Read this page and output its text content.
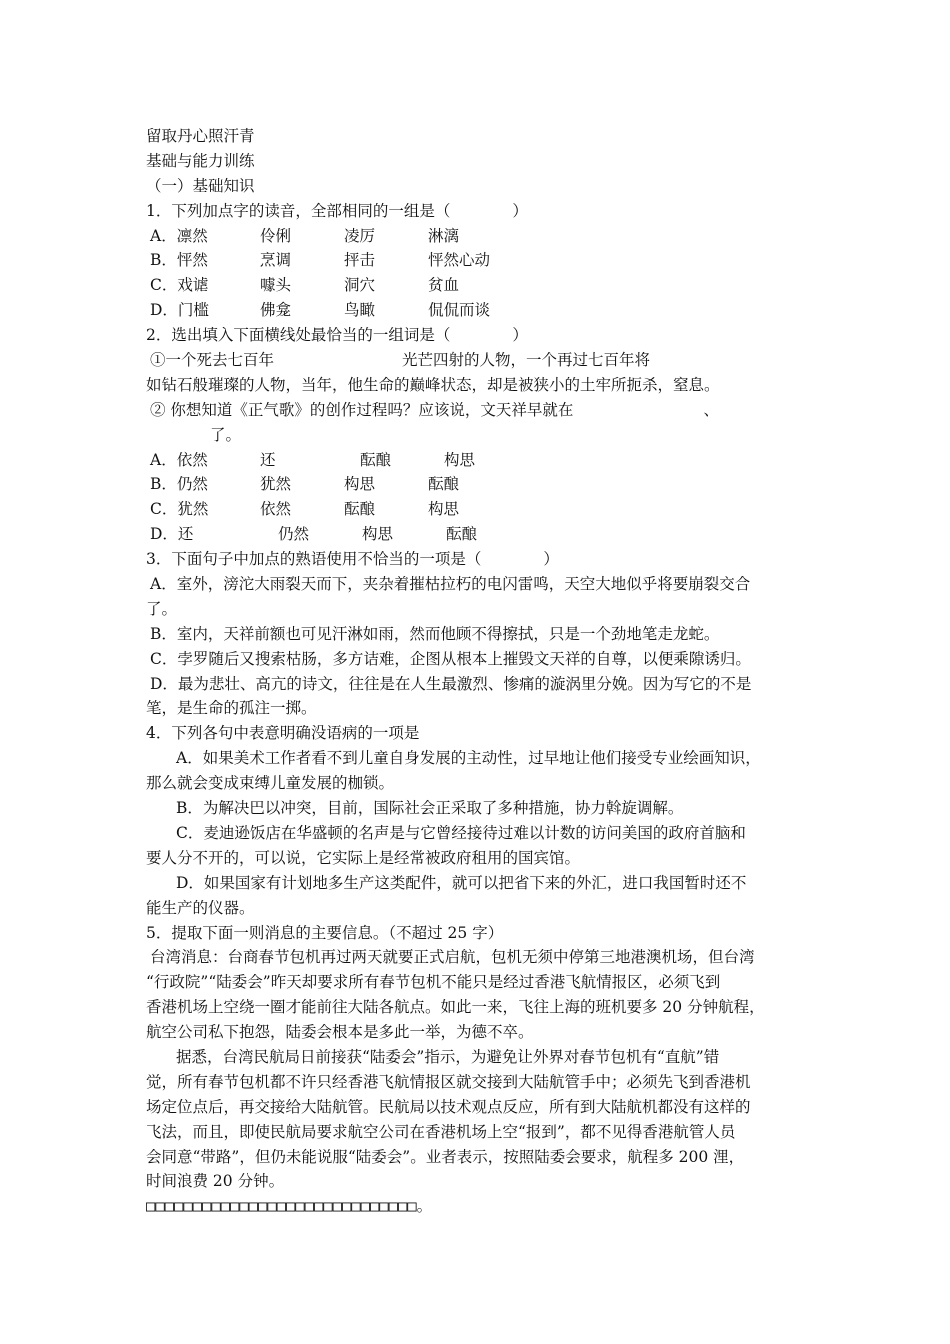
留取丹心照汗青
基础与能力训练
（一）基础知识
1．下列加点字的读音，全部相同的一组是（　　　　）
A．凛然	伶俐	凌厉	淋漓
B．怦然	烹调	抨击	怦然心动
C．戏谑	噱头	洞穴	贫血
D．门槛	佛龛	鸟瞰	侃侃而谈
2．选出填入下面横线处最恰当的一组词是（　　　　）
①一个死去七百年	光芒四射的人物，一个再过七百年将
如钻石般璀璨的人物，当年，他生命的巅峰状态，却是被狭小的土牢所扼杀，窒息。
② 你想知道《正气歌》的创作过程吗？应该说，文天祥早就在	、
了。
A．依然	还	酝酿	构思
B．仍然	犹然	构思	酝酿
C．犹然	依然	酝酿	构思
D．还	仍然	构思	酝酿
3．下面句子中加点的熟语使用不恰当的一项是（　　　　）
A．室外，滂沱大雨裂天而下，夹杂着摧枯拉朽的电闪雷鸣，天空大地似乎将要崩裂交合
了。
B．室内，天祥前额也可见汗淋如雨，然而他顾不得擦拭，只是一个劲地笔走龙蛇。
C．孛罗随后又搜索枯肠，多方诘难，企图从根本上摧毁文天祥的自尊，以便乘隙诱归。
D．最为悲壮、高亢的诗文，往往是在人生最激烈、惨痛的漩涡里分娩。因为写它的不是
笔，是生命的孤注一掷。
4．下列各句中表意明确没语病的一项是
A．如果美术工作者看不到儿童自身发展的主动性，过早地让他们接受专业绘画知识，
那么就会变成束缚儿童发展的枷锁。
B．为解决巴以冲突，目前，国际社会正采取了多种措施，协力斡旋调解。
C．麦迪逊饭店在华盛顿的名声是与它曾经接待过难以计数的访问美国的政府首脑和
要人分不开的，可以说，它实际上是经常被政府租用的国宾馆。
D．如果国家有计划地多生产这类配件，就可以把省下来的外汇，进口我国暂时还不
能生产的仪器。
5．提取下面一则消息的主要信息。（不超过 25 字）
台湾消息：台商春节包机再过两天就要正式启航，包机无须中停第三地港澳机场，但台湾
“行政院”“陆委会”昨天却要求所有春节包机不能只是经过香港飞航情报区，必须飞到
香港机场上空绕一圈才能前往大陆各航点。如此一来，飞往上海的班机要多 20 分钟航程，
航空公司私下抱怨，陆委会根本是多此一举，为德不卒。
据悉，台湾民航局日前接获“陆委会”指示，为避免让外界对春节包机有“直航”错
觉，所有春节包机都不许只经香港飞航情报区就交接到大陆航管手中；必须先飞到香港机
场定位点后，再交接给大陆航管。民航局以技术观点反应，所有到大陆航机都没有这样的
飞法，而且，即使民航局要求航空公司在香港机场上空“报到”，都不见得香港航管人员
会同意“带路”，但仍未能说服“陆委会”。业者表示，按照陆委会要求，航程多 200 浬，
时间浪费 20 分钟。
□□□□□□□□□□□□□□□□□□□□□□□□□□□□□。
